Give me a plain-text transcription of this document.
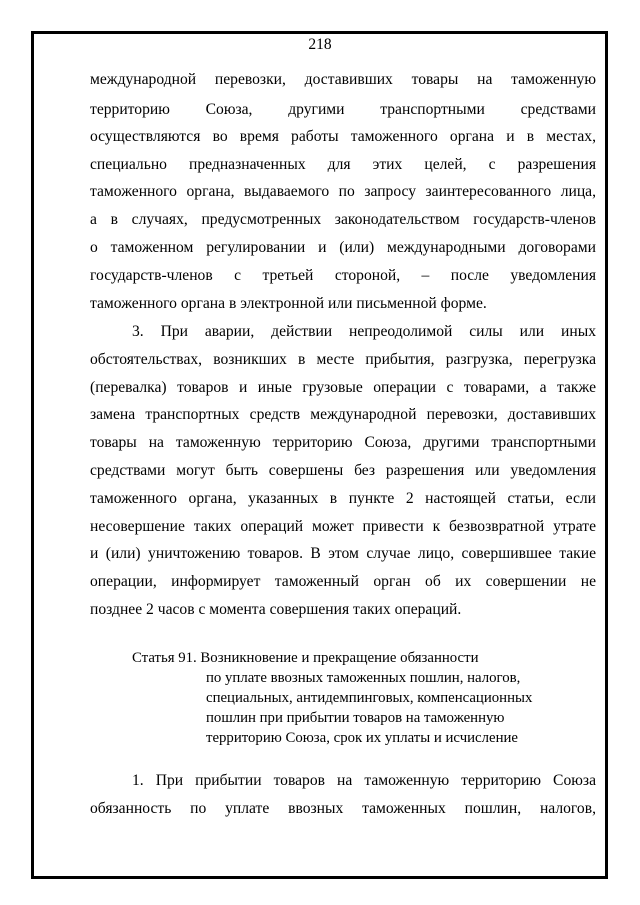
218
международной перевозки, доставивших товары на таможенную
территорию Союза, другими транспортными средствами
осуществляются во время работы таможенного органа и в местах,
специально предназначенных для этих целей, с разрешения
таможенного органа, выдаваемого по запросу заинтересованного лица,
а в случаях, предусмотренных законодательством государств-членов
о таможенном регулировании и (или) международными договорами
государств-членов с третьей стороной, – после уведомления
таможенного органа в электронной или письменной форме.
3. При аварии, действии непреодолимой силы или иных
обстоятельствах, возникших в месте прибытия, разгрузка, перегрузка
(перевалка) товаров и иные грузовые операции с товарами, а также
замена транспортных средств международной перевозки, доставивших
товары на таможенную территорию Союза, другими транспортными
средствами могут быть совершены без разрешения или уведомления
таможенного органа, указанных в пункте 2 настоящей статьи, если
несовершение таких операций может привести к безвозвратной утрате
и (или) уничтожению товаров. В этом случае лицо, совершившее такие
операции, информирует таможенный орган об их совершении не
позднее 2 часов с момента совершения таких операций.
Статья 91. Возникновение и прекращение обязанности
по уплате ввозных таможенных пошлин, налогов,
специальных, антидемпинговых, компенсационных
пошлин при прибытии товаров на таможенную
территорию Союза, срок их уплаты и исчисление
1. При прибытии товаров на таможенную территорию Союза
обязанность по уплате ввозных таможенных пошлин, налогов,
